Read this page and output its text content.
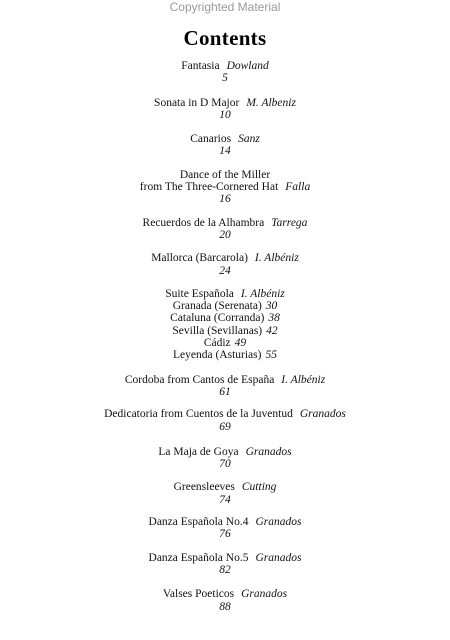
Copyrighted Material
Contents
Fantasia Dowland
5
Sonata in D Major M. Albeniz
10
Canarios Sanz
14
Dance of the Miller
from The Three-Cornered Hat Falla
16
Recuerdos de la Alhambra Tarrega
20
Mallorca (Barcarola) I. Albéniz
24
Suite Española I. Albéniz
Granada (Serenata) 30
Cataluna (Corranda) 38
Sevilla (Sevillanas) 42
Cádiz 49
Leyenda (Asturias) 55
Cordoba from Cantos de España I. Albéniz
61
Dedicatoria from Cuentos de la Juventud Granados
69
La Maja de Goya Granados
70
Greensleeves Cutting
74
Danza Española No.4 Granados
76
Danza Española No.5 Granados
82
Valses Poeticos Granados
88
